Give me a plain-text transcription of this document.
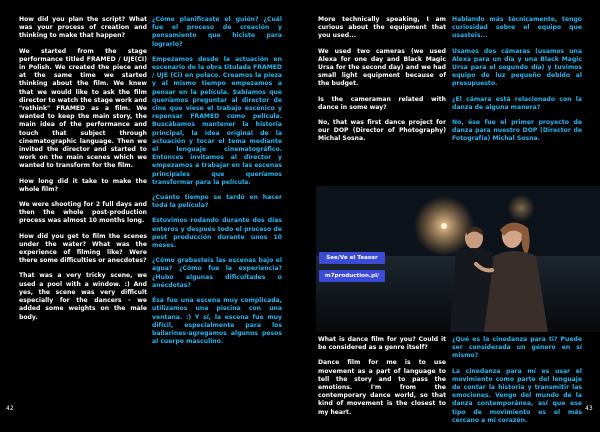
How did you plan the script? What was your process of creation and thinking to make that happen?

We started from the stage performance titled FRAMED / UJE(CI) in Polish. We created the piece and at the same time we started thinking about the film. We knew that we would like to ask the film director to watch the stage work and "rethink" FRAMED as a film. We wanted to keep the main story, the main idea of the performance and touch that subject through cinematographic language. Then we invited the director and started to work on the main scenes which we wanted to transform for the film.

How long did it take to make the whole film?

We were shooting for 2 full days and then the whole post-production process was almost 10 months long.

How did you get to film the scenes under the water? What was the experience of filming like? Were there some difficulties or anecdotes?

That was a very tricky scene, we used a pool with a window. :) And yes, the scene was very difficult especially for the dancers - we added some weights on the male body.

¿Cómo planificaste el guión? ¿Cuál fue el proceso de creación y pensamiento que hiciste para lograrlo?

Empezamos desde la actuación en escenario de la obra titulada FRAMED / UJE (Ci) en polaco. Creamos la pieza y al mismo tiempo empezamos a pensar en la película. Sabíamos que queríamos preguntar al director de cine que viese el trabajo escénico y repensar FRAMED como película. Buscábamos mantener la historia principal, la idea original de la actuación y tocar el tema mediante el lenguaje cinematográfico. Entonces invitamos al director y empezamos a trabajar en las escenas principales que queríamos transformar para la película.

¿Cuánto tiempo se tardó en hacer toda la película?

Estuvimos rodando durante dos días enteros y después todo el proceso de post producción durante unos 10 meses.

¿Cómo grabasteis las escenas bajo el agua? ¿Cómo fue la experiencia? ¿Hubo algunas dificultades o anécdotas?

Ésa fue una escena muy complicada, utilizamos una piscina con una ventana. :) Y sí, la escena fue muy difícil, especialmente para los bailarines-agregamos algunos pesos al cuerpo masculino.

More technically speaking, I am curious about the equipment that you used...

We used two cameras (we used Alexa for one day and Black Magic Ursa for the second day) and we had small light equipment because of the budget.

Is the cameraman related with dance in some way?

No, that was first dance project for our DOP (Director of Photography) Michal Sosna.

Hablando más técnicamente, tengo curiosidad sobre el equipo que usasteis...

Usamos dos cámaras (usamos una Alexa para un día y una Black Magic Ursa para el segundo día) y tuvimos equipo de luz pequeño debido al presupuesto.

¿El cámara está relacionado con la danza de alguna manera?

No, ése fue el primer proyecto de danza para nuestro DOP (Director de Fotografía) Michal Sosna.

See/Ve el Teaser
m7production.pl/

What is dance film for you? Could it be considered as a genre itself?

Dance film for me is to use movement as a part of language to tell the story and to pass the emotions. I'm from the contemporary dance world, so that kind of movement is the closest to my heart.

¿Qué es la cinedanza para ti? Puede ser considerada un género en sí mismo?

La cinedanza para mí es usar el movimiento como parte del lenguaje de contar la historia y transmitir las emociones. Vengo del mundo de la danza contemporánea, así que ese tipo de movimiento es el más cercano a mi corazón.

42	43
